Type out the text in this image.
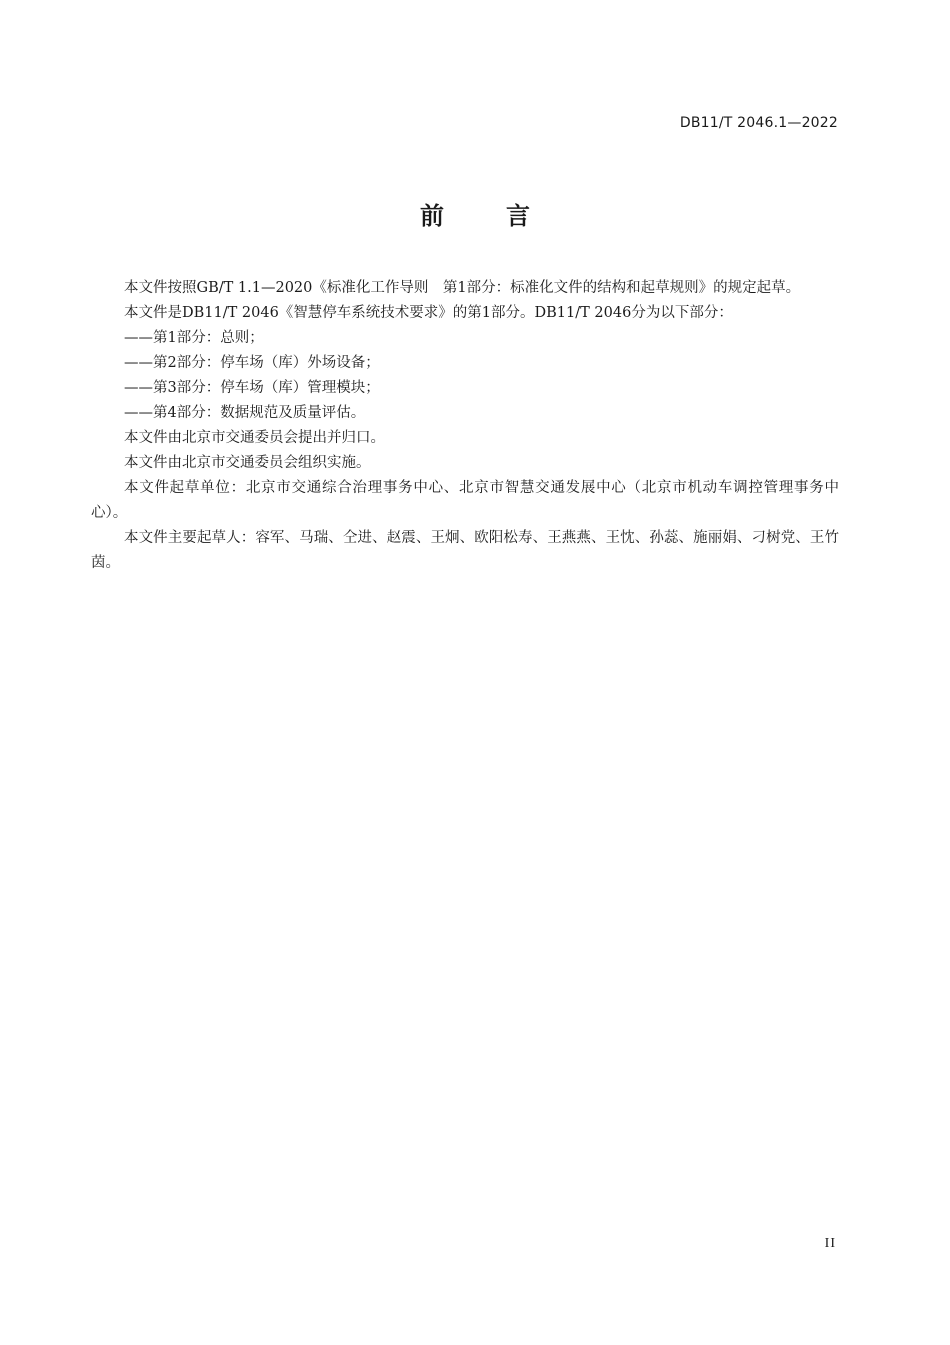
DB11/T 2046.1—2022
前言

本文件按照GB/T 1.1—2020《标准化工作导则　第1部分：标准化文件的结构和起草规则》的规定起草。

本文件是DB11/T 2046《智慧停车系统技术要求》的第1部分。DB11/T 2046分为以下部分：

——第1部分：总则；

——第2部分：停车场（库）外场设备；

——第3部分：停车场（库）管理模块；

——第4部分：数据规范及质量评估。

本文件由北京市交通委员会提出并归口。

本文件由北京市交通委员会组织实施。

本文件起草单位：北京市交通综合治理事务中心、北京市智慧交通发展中心（北京市机动车调控管理事务中心）。

本文件主要起草人：容军、马瑞、仝进、赵震、王炯、欧阳松寿、王燕燕、王忱、孙蕊、施丽娟、刁树党、王竹茵。

II
